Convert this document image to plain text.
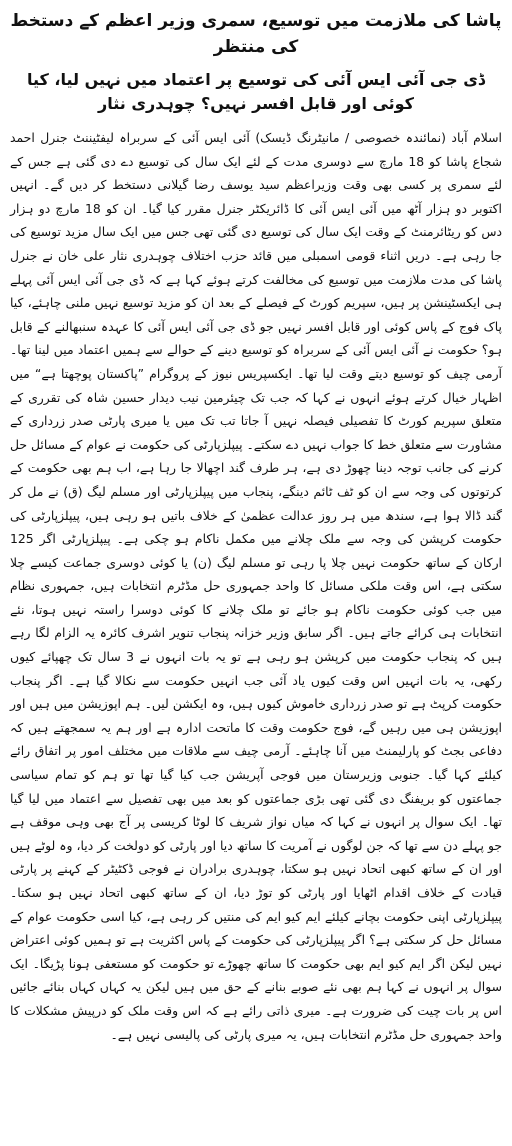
پاشا کی ملازمت میں توسیع، سمری وزیر اعظم کے دستخط کی منتظر
ڈی جی آئی ایس آئی کی توسیع پر اعتماد میں نہیں لیا، کیا کوئی اور قابل افسر نہیں؟ چوہدری نثار

اسلام آباد (نمائندہ خصوصی / مانیٹرنگ ڈیسک) آئی ایس آئی کے سربراہ لیفٹیننٹ جنرل احمد شجاع پاشا کو 18 مارچ سے دوسری مدت کے لئے ایک سال کی توسیع دے دی گئی ہے جس کے لئے سمری پر کسی بھی وقت وزیراعظم سید یوسف رضا گیلانی دستخط کر دیں گے۔ انہیں اکتوبر دو ہزار آٹھ میں آئی ایس آئی کا ڈائریکٹر جنرل مقرر کیا گیا۔ ان کو 18 مارچ دو ہزار دس کو ریٹائرمنٹ کے وقت ایک سال کی توسیع دی گئی تھی جس میں ایک سال مزید توسیع کی جا رہی ہے۔ دریں اثناء قومی اسمبلی میں قائد حزب اختلاف چوہدری نثار علی خان نے جنرل پاشا کی مدت ملازمت میں توسیع کی مخالفت کرتے ہوئے کہا ہے کہ ڈی جی آئی ایس آئی پہلے ہی ایکسٹینشن پر ہیں، سپریم کورٹ کے فیصلے کے بعد ان کو مزید توسیع نہیں ملنی چاہئے، کیا پاک فوج کے پاس کوئی اور قابل افسر نہیں جو ڈی جی آئی ایس آئی کا عہدہ سنبھالنے کے قابل ہو؟ حکومت نے آئی ایس آئی کے سربراہ کو توسیع دینے کے حوالے سے ہمیں اعتماد میں لینا تھا۔ آرمی چیف کو توسیع دیتے وقت لیا تھا۔ ایکسپریس نیوز کے پروگرام ”پاکستان پوچھتا ہے“ میں اظہار خیال کرتے ہوئے انہوں نے کہا کہ جب تک چیئرمین نیب دیدار حسین شاہ کی تقرری کے متعلق سپریم کورٹ کا تفصیلی فیصلہ نہیں آ جاتا تب تک میں یا میری پارٹی صدر زرداری کے مشاورت سے متعلق خط کا جواب نہیں دے سکتے۔ پیپلزپارٹی کی حکومت نے عوام کے مسائل حل کرنے کی جانب توجہ دینا چھوڑ دی ہے، ہر طرف گند اچھالا جا رہا ہے، اب ہم بھی حکومت کے کرتوتوں کی وجہ سے ان کو ٹف ٹائم دینگے، پنجاب میں پیپلزپارٹی اور مسلم لیگ (ق) نے مل کر گند ڈالا ہوا ہے، سندھ میں ہر روز عدالت عظمیٰ کے خلاف باتیں ہو رہی ہیں، پیپلزپارٹی کی حکومت کرپشن کی وجہ سے ملک چلانے میں مکمل ناکام ہو چکی ہے۔ پیپلزپارٹی اگر 125 ارکان کے ساتھ حکومت نہیں چلا پا رہی تو مسلم لیگ (ن) یا کوئی دوسری جماعت کیسے چلا سکتی ہے، اس وقت ملکی مسائل کا واحد جمہوری حل مڈٹرم انتخابات ہیں، جمہوری نظام میں جب کوئی حکومت ناکام ہو جائے تو ملک چلانے کا کوئی دوسرا راستہ نہیں ہوتا، نئے انتخابات ہی کرائے جاتے ہیں۔ اگر سابق وزیر خزانہ پنجاب تنویر اشرف کائرہ یہ الزام لگا رہے ہیں کہ پنجاب حکومت میں کرپشن ہو رہی ہے تو یہ بات انہوں نے 3 سال تک چھپائے کیوں رکھی، یہ بات انہیں اس وقت کیوں یاد آئی جب انہیں حکومت سے نکالا گیا ہے۔ اگر پنجاب حکومت کرپٹ ہے تو صدر زرداری خاموش کیوں ہیں، وہ ایکشن لیں۔ ہم اپوزیشن میں ہیں اور اپوزیشن ہی میں رہیں گے، فوج حکومت وقت کا ماتحت ادارہ ہے اور ہم یہ سمجھتے ہیں کہ دفاعی بجٹ کو پارلیمنٹ میں آنا چاہئے۔ آرمی چیف سے ملاقات میں مختلف امور پر اتفاق رائے کیلئے کہا گیا۔ جنوبی وزیرستان میں فوجی آپریشن جب کیا گیا تھا تو ہم کو تمام سیاسی جماعتوں کو بریفنگ دی گئی تھی بڑی جماعتوں کو بعد میں بھی تفصیل سے اعتماد میں لیا گیا تھا۔ ایک سوال پر انہوں نے کہا کہ میاں نواز شریف کا لوٹا کریسی پر آج بھی وہی موقف ہے جو پہلے دن سے تھا کہ جن لوگوں نے آمریت کا ساتھ دیا اور پارٹی کو دولخت کر دیا، وہ لوٹے ہیں اور ان کے ساتھ کبھی اتحاد نہیں ہو سکتا، چوہدری برادران نے فوجی ڈکٹیٹر کے کہنے پر پارٹی قیادت کے خلاف اقدام اٹھایا اور پارٹی کو توڑ دیا، ان کے ساتھ کبھی اتحاد نہیں ہو سکتا۔ پیپلزپارٹی اپنی حکومت بچانے کیلئے ایم کیو ایم کی منتیں کر رہی ہے، کیا اسی حکومت عوام کے مسائل حل کر سکتی ہے؟ اگر پیپلزپارٹی کی حکومت کے پاس اکثریت ہے تو ہمیں کوئی اعتراض نہیں لیکن اگر ایم کیو ایم بھی حکومت کا ساتھ چھوڑے تو حکومت کو مستعفی ہونا پڑیگا۔ ایک سوال پر انہوں نے کہا ہم بھی نئے صوبے بنانے کے حق میں ہیں لیکن یہ کہاں کہاں بنائے جائیں اس پر بات چیت کی ضرورت ہے۔ میری ذاتی رائے ہے کہ اس وقت ملک کو درپیش مشکلات کا واحد جمہوری حل مڈٹرم انتخابات ہیں، یہ میری پارٹی کی پالیسی نہیں ہے۔
